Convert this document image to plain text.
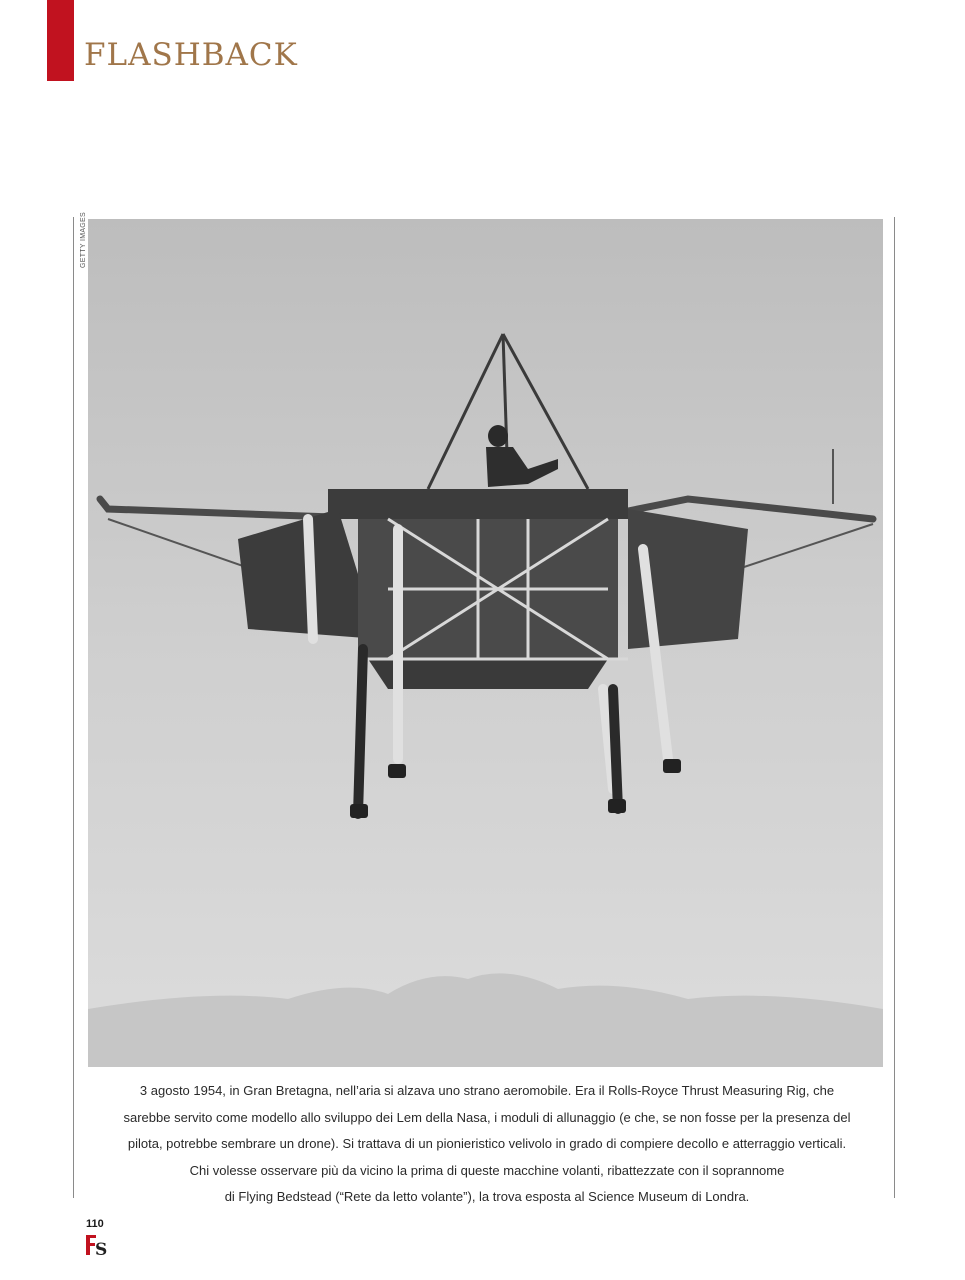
FLASHBACK
GETTY IMAGES
3 agosto 1954, in Gran Bretagna, nell’aria si alzava uno strano aeromobile. Era il Rolls-Royce Thrust Measuring Rig, che
sarebbe servito come modello allo sviluppo dei Lem della Nasa, i moduli di allunaggio (e che, se non fosse per la presenza del
pilota, potrebbe sembrare un drone). Si trattava di un pionieristico velivolo in grado di compiere decollo e atterraggio verticali.
Chi volesse osservare più da vicino la prima di queste macchine volanti, ribattezzate con il soprannome
di Flying Bedstead (“Rete da letto volante”), la trova esposta al Science Museum di Londra.
110
S
